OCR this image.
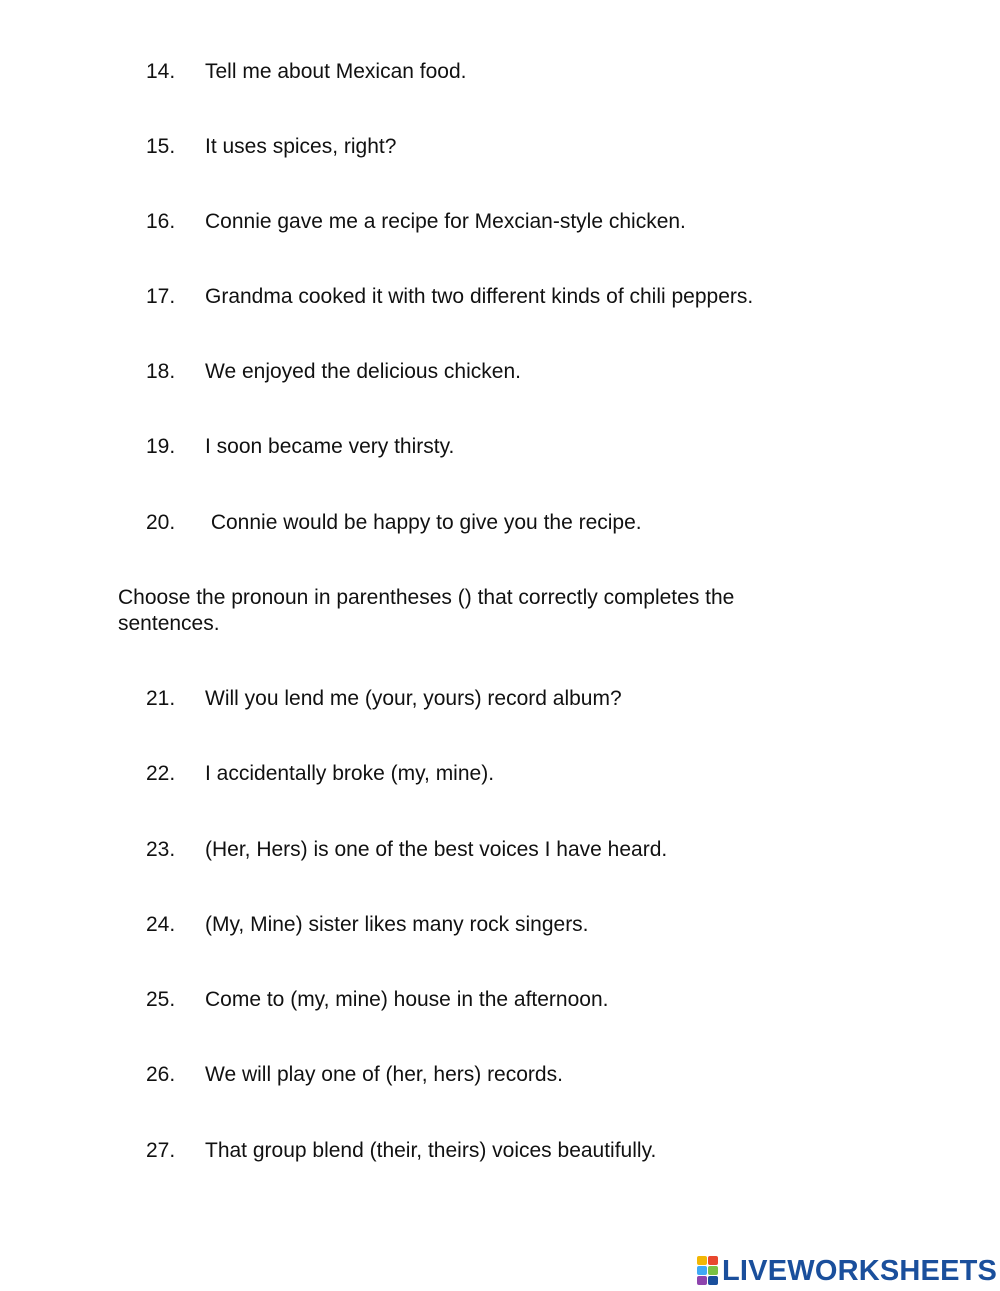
14. Tell me about Mexican food.
15. It uses spices, right?
16. Connie gave me a recipe for Mexcian-style chicken.
17. Grandma cooked it with two different kinds of chili peppers.
18. We enjoyed the delicious chicken.
19. I soon became very thirsty.
20. Connie would be happy to give you the recipe.
Choose the pronoun in parentheses () that correctly completes the sentences.
21. Will you lend me (your, yours) record album?
22. I accidentally broke (my, mine).
23. (Her, Hers) is one of the best voices I have heard.
24. (My, Mine) sister likes many rock singers.
25. Come to (my, mine) house in the afternoon.
26. We will play one of (her, hers) records.
27. That group blend (their, theirs) voices beautifully.
LIVEWORKSHEETS
